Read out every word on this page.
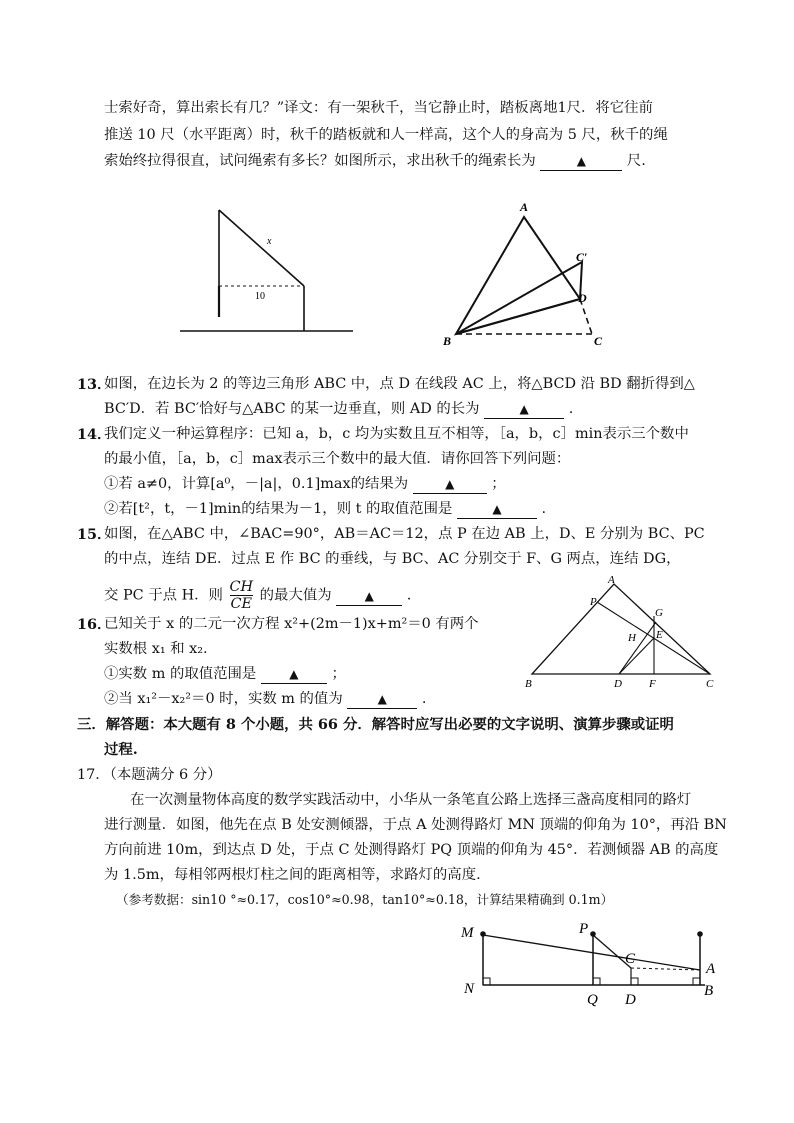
士索好奇，算出索长有几？”译文：有一架秋千，当它静止时，踏板离地1尺．将它往前
推送 10 尺（水平距离）时，秋千的踏板就和人一样高，这个人的身高为 5 尺，秋千的绳
索始终拉得很直，试问绳索有多长？如图所示，求出秋千的绳索长为	▲	尺.
x
10
A
B	C
C′
D
13．
如图，在边长为 2 的等边三角形 ABC 中，点 D 在线段 AC 上，将△BCD 沿 BD 翻折得到△
BC′D．若 BC′恰好与△ABC 的某一边垂直，则 AD 的长为	▲	.
14．
我们定义一种运算程序：已知 a，b，c 均为实数且互不相等，［a，b，c］min表示三个数中
的最小值，［a，b，c］max表示三个数中的最大值．请你回答下列问题：
①若 a≠0，计算[a⁰，－|a|，0.1]max的结果为	▲	；
②若[t²，t，－1]min的结果为－1，则 t 的取值范围是	▲	.
15．
如图，在△ABC 中，∠BAC=90°，AB＝AC＝12，点 P 在边 AB 上，D、E 分别为 BC、PC
的中点，连结 DE．过点 E 作 BC 的垂线，与 BC、AC 分别交于 F、G 两点，连结 DG，
交 PC 于点 H．则 $\frac{CH}{CE}$ 的最大值为	▲ .
A
P
G
H E
B	D F	C
16．
已知关于 x 的二元一次方程 x²+(2m－1)x+m²＝0 有两个
实数根 x₁ 和 x₂.
①实数 m 的取值范围是	▲ ；
②当 x₁²－x₂²＝0 时，实数 m 的值为	▲ .
三．解答题：本大题有 8 个小题，共 66 分．解答时应写出必要的文字说明、演算步骤或证明
过程.
17．（本题满分 6 分）
在一次测量物体高度的数学实践活动中，小华从一条笔直公路上选择三盏高度相同的路灯
进行测量．如图，他先在点 B 处安测倾器，于点 A 处测得路灯 MN 顶端的仰角为 10°，再沿 BN
方向前进 10m，到达点 D 处，于点 C 处测得路灯 PQ 顶端的仰角为 45°．若测倾器 AB 的高度
为 1.5m，每相邻两根灯柱之间的距离相等，求路灯的高度.
（参考数据：sin10 °≈0.17，cos10°≈0.98，tan10°≈0.18，计算结果精确到 0.1m）
M	P
C
A
N
Q D
B
